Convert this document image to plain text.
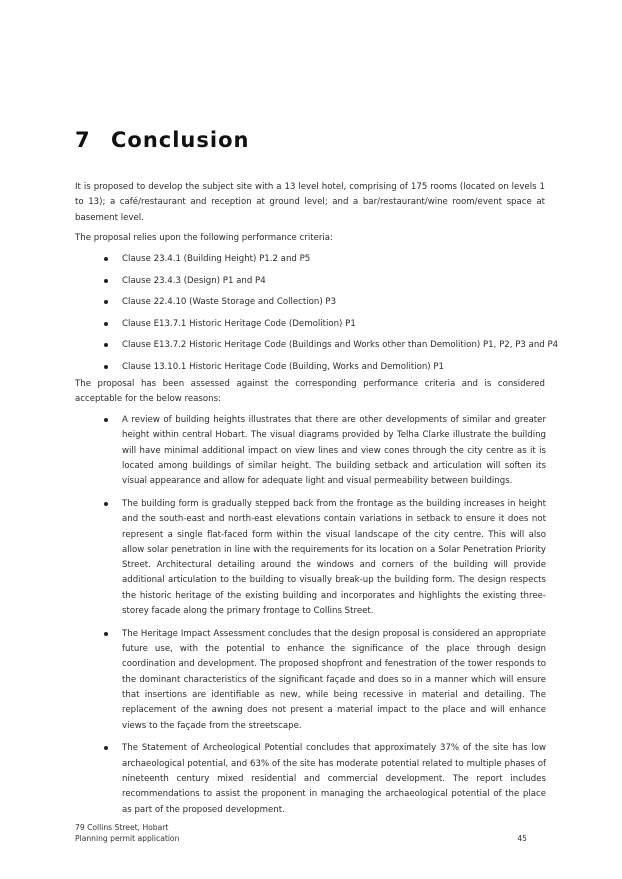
7 Conclusion

It is proposed to develop the subject site with a 13 level hotel, comprising of 175 rooms (located on levels 1 to 13); a café/restaurant and reception at ground level; and a bar/restaurant/wine room/event space at basement level.

The proposal relies upon the following performance criteria:

Clause 23.4.1 (Building Height) P1.2 and P5
Clause 23.4.3 (Design) P1 and P4
Clause 22.4.10 (Waste Storage and Collection) P3
Clause E13.7.1 Historic Heritage Code (Demolition) P1
Clause E13.7.2 Historic Heritage Code (Buildings and Works other than Demolition) P1, P2, P3 and P4
Clause 13.10.1 Historic Heritage Code (Building, Works and Demolition) P1

The proposal has been assessed against the corresponding performance criteria and is considered acceptable for the below reasons:

A review of building heights illustrates that there are other developments of similar and greater height within central Hobart. The visual diagrams provided by Telha Clarke illustrate the building will have minimal additional impact on view lines and view cones through the city centre as it is located among buildings of similar height. The building setback and articulation will soften its visual appearance and allow for adequate light and visual permeability between buildings.
The building form is gradually stepped back from the frontage as the building increases in height and the south-east and north-east elevations contain variations in setback to ensure it does not represent a single flat-faced form within the visual landscape of the city centre. This will also allow solar penetration in line with the requirements for its location on a Solar Penetration Priority Street. Architectural detailing around the windows and corners of the building will provide additional articulation to the building to visually break-up the building form. The design respects the historic heritage of the existing building and incorporates and highlights the existing three-storey facade along the primary frontage to Collins Street.
The Heritage Impact Assessment concludes that the design proposal is considered an appropriate future use, with the potential to enhance the significance of the place through design coordination and development. The proposed shopfront and fenestration of the tower responds to the dominant characteristics of the significant façade and does so in a manner which will ensure that insertions are identifiable as new, while being recessive in material and detailing. The replacement of the awning does not present a material impact to the place and will enhance views to the façade from the streetscape.
The Statement of Archeological Potential concludes that approximately 37% of the site has low archaeological potential, and 63% of the site has moderate potential related to multiple phases of nineteenth century mixed residential and commercial development. The report includes recommendations to assist the proponent in managing the archaeological potential of the place as part of the proposed development.
79 Collins Street, Hobart
Planning permit application	45
